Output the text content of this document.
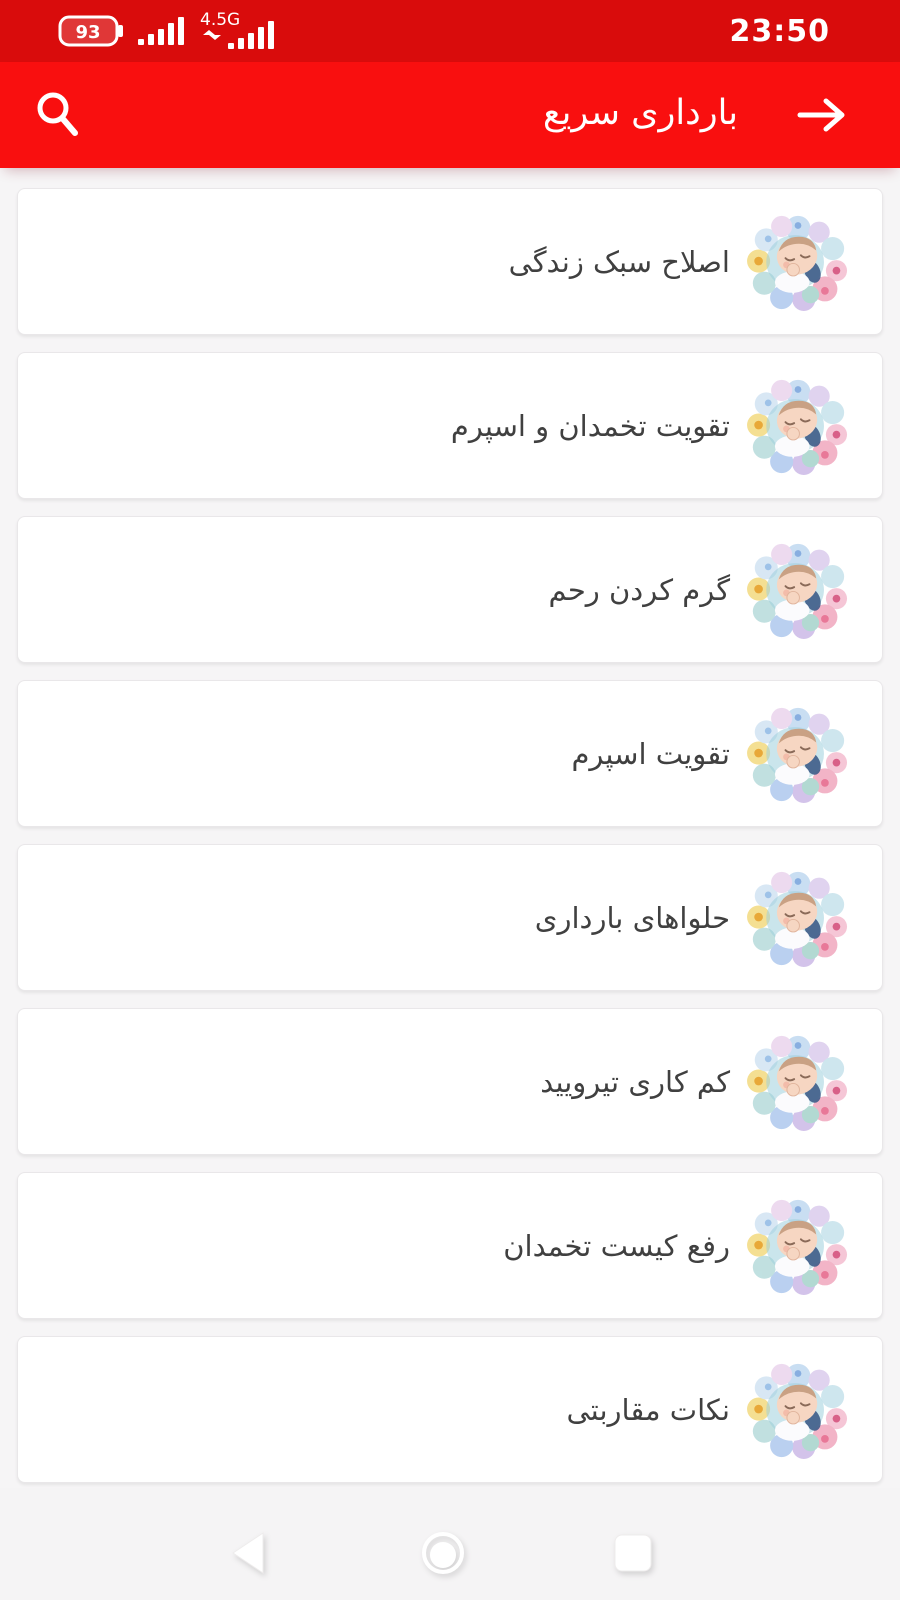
93
4.5G	23:50
بارداری سریع
اصلاح سبک زندگی
تقویت تخمدان و اسپرم
گرم کردن رحم
تقویت اسپرم
حلواهای بارداری
کم کاری تیرویید
رفع کیست تخمدان
نکات مقاربتی
